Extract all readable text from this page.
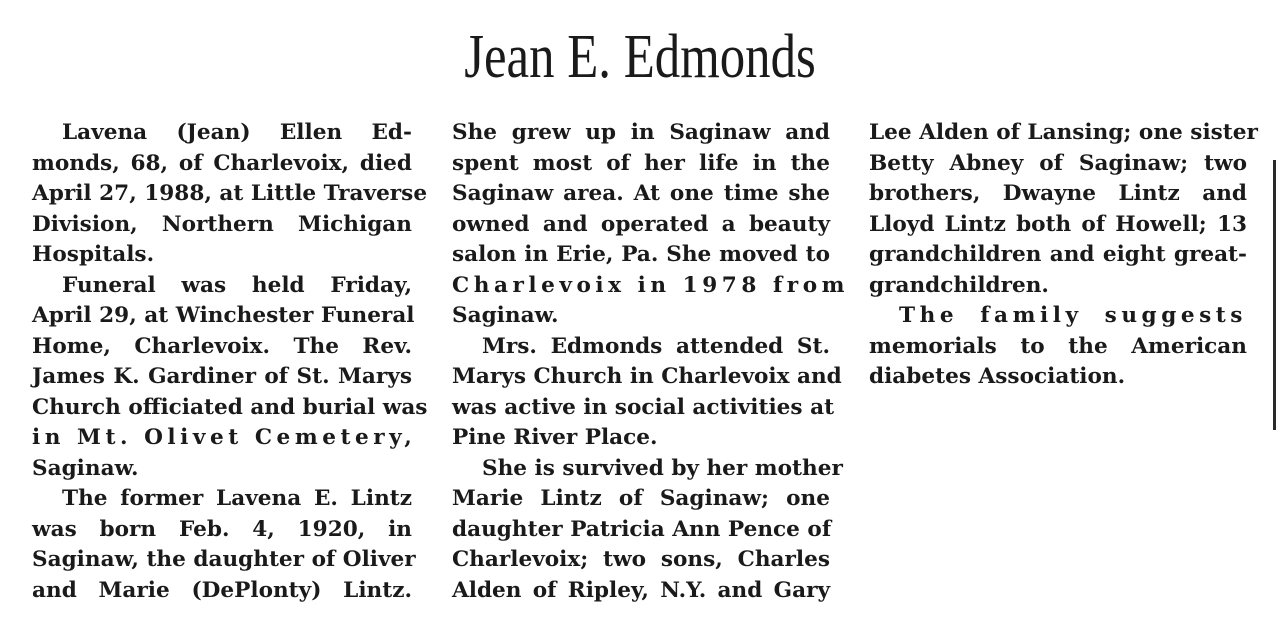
Jean E. Edmonds
Lavena (Jean) Ellen Ed-
monds, 68, of Charlevoix, died
April 27, 1988, at Little Traverse
Division, Northern Michigan
Hospitals.
Funeral was held Friday,
April 29, at Winchester Funeral
Home, Charlevoix. The Rev.
James K. Gardiner of St. Marys
Church officiated and burial was
in Mt. Olivet Cemetery,
Saginaw.
The former Lavena E. Lintz
was born Feb. 4, 1920, in
Saginaw, the daughter of Oliver
and Marie (DePlonty) Lintz.
She grew up in Saginaw and
spent most of her life in the
Saginaw area. At one time she
owned and operated a beauty
salon in Erie, Pa. She moved to
Charlevoix in 1978 from
Saginaw.
Mrs. Edmonds attended St.
Marys Church in Charlevoix and
was active in social activities at
Pine River Place.
She is survived by her mother
Marie Lintz of Saginaw; one
daughter Patricia Ann Pence of
Charlevoix; two sons, Charles
Alden of Ripley, N.Y. and Gary
Lee Alden of Lansing; one sister
Betty Abney of Saginaw; two
brothers, Dwayne Lintz and
Lloyd Lintz both of Howell; 13
grandchildren and eight great-
grandchildren.
The family suggests
memorials to the American
diabetes Association.
